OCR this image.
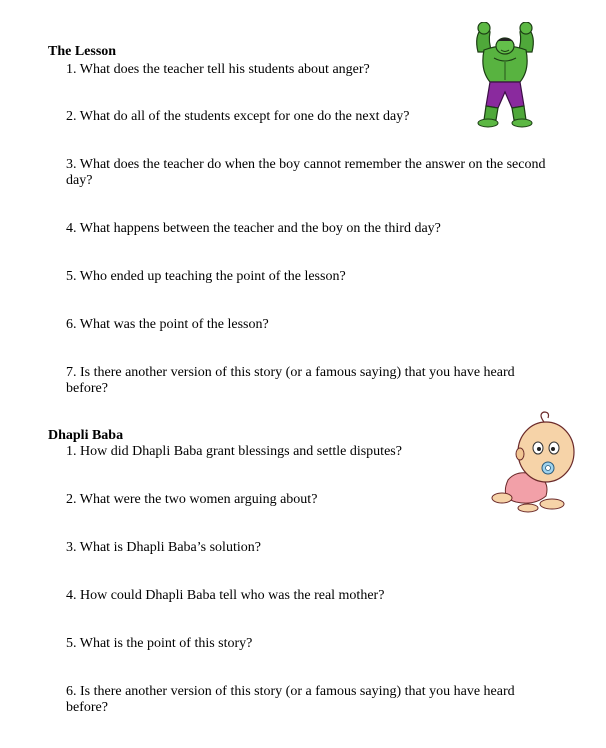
The Lesson
1. What does the teacher tell his students about anger?
2. What do all of the students except for one do the next day?
3. What does the teacher do when the boy cannot remember the answer on the second day?
4. What happens between the teacher and the boy on the third day?
5. Who ended up teaching the point of the lesson?
6. What was the point of the lesson?
7. Is there another version of this story (or a famous saying) that you have heard before?
Dhapli Baba
1. How did Dhapli Baba grant blessings and settle disputes?
2. What were the two women arguing about?
3. What is Dhapli Baba’s solution?
4. How could Dhapli Baba tell who was the real mother?
5. What is the point of this story?
6. Is there another version of this story (or a famous saying) that you have heard before?
